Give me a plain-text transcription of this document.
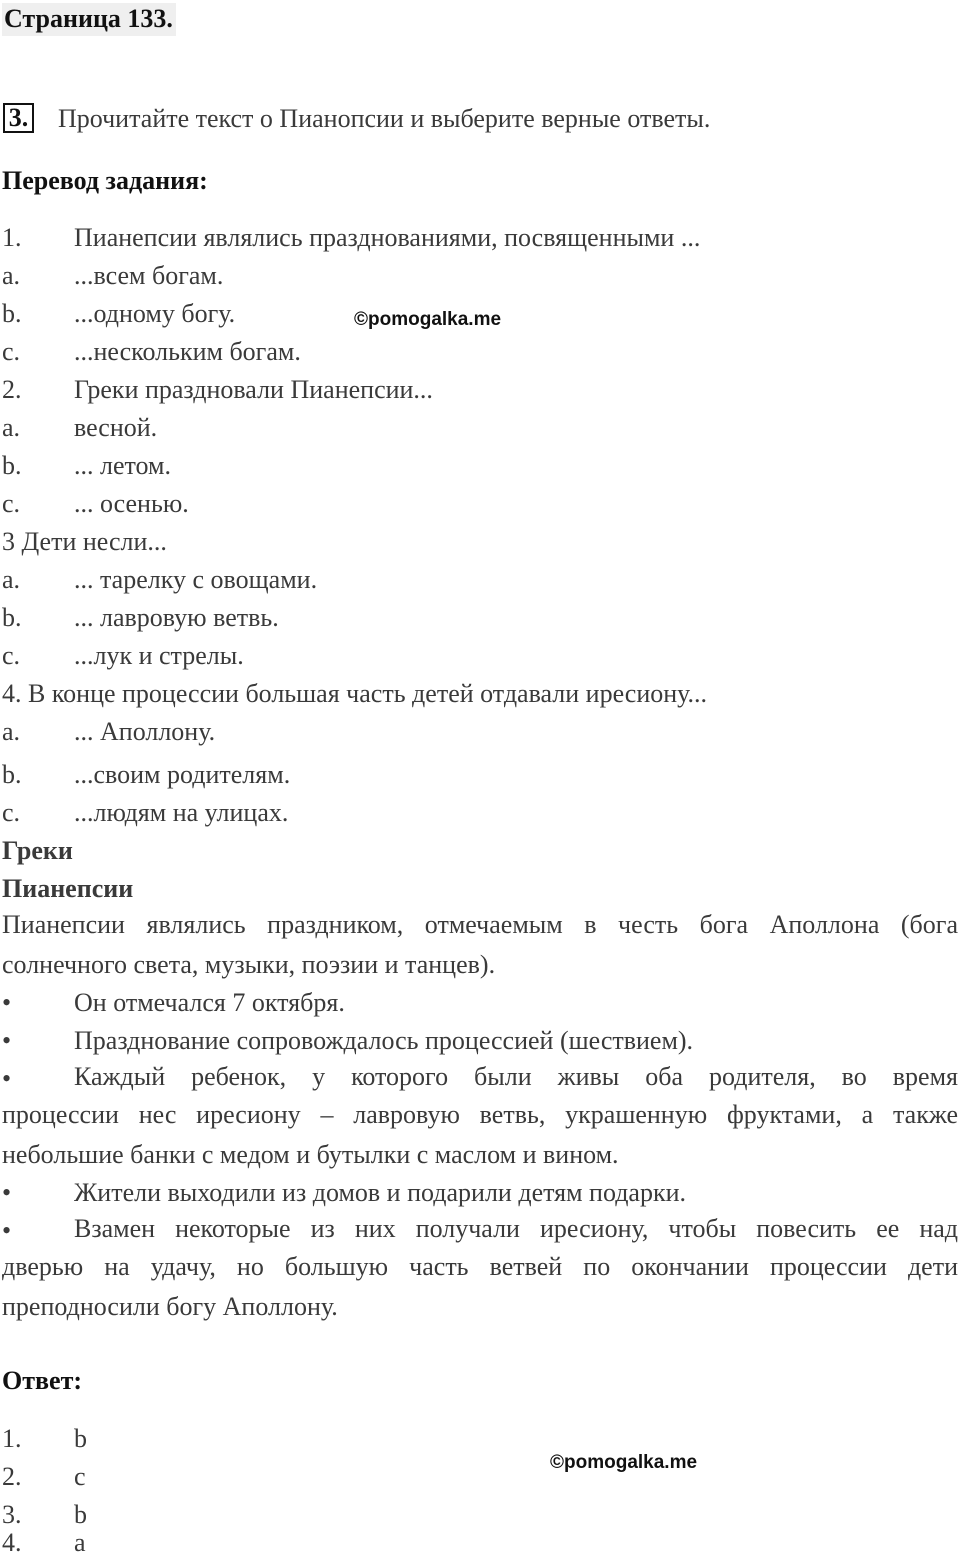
Страница 133.
3. Прочитайте текст о Пианопсии и выберите верные ответы.
Перевод задания:
1. Пианепсии являлись празднованиями, посвященными ...
a. ...всем богам.
b. ...одному богу.
c. ...нескольким богам.
2. Греки праздновали Пианепсии...
a. весной.
b. ... летом.
c. ... осенью.
3 Дети несли...
a. ... тарелку с овощами.
b. ... лавровую ветвь.
c. ...лук и стрелы.
4. В конце процессии большая часть детей отдавали иресиону...
a. ... Аполлону.
b. ...своим родителям.
c. ...людям на улицах.
Греки
Пианепсии
Пианепсии являлись праздником, отмечаемым в честь бога Аполлона (бога
солнечного света, музыки, поэзии и танцев).
• Он отмечался 7 октября.
• Празднование сопровождалось процессией (шествием).
• Каждый ребенок, у которого были живы оба родителя, во время
процессии нес иресиону – лавровую ветвь, украшенную фруктами, а также
небольшие банки с медом и бутылки с маслом и вином.
• Жители выходили из домов и подарили детям подарки.
• Взамен некоторые из них получали иресиону, чтобы повесить ее над
дверью на удачу, но большую часть ветвей по окончании процессии дети
преподносили богу Аполлону.
Ответ:
1. b
2. c
3. b
4. a
©pomogalka.me
©pomogalka.me
